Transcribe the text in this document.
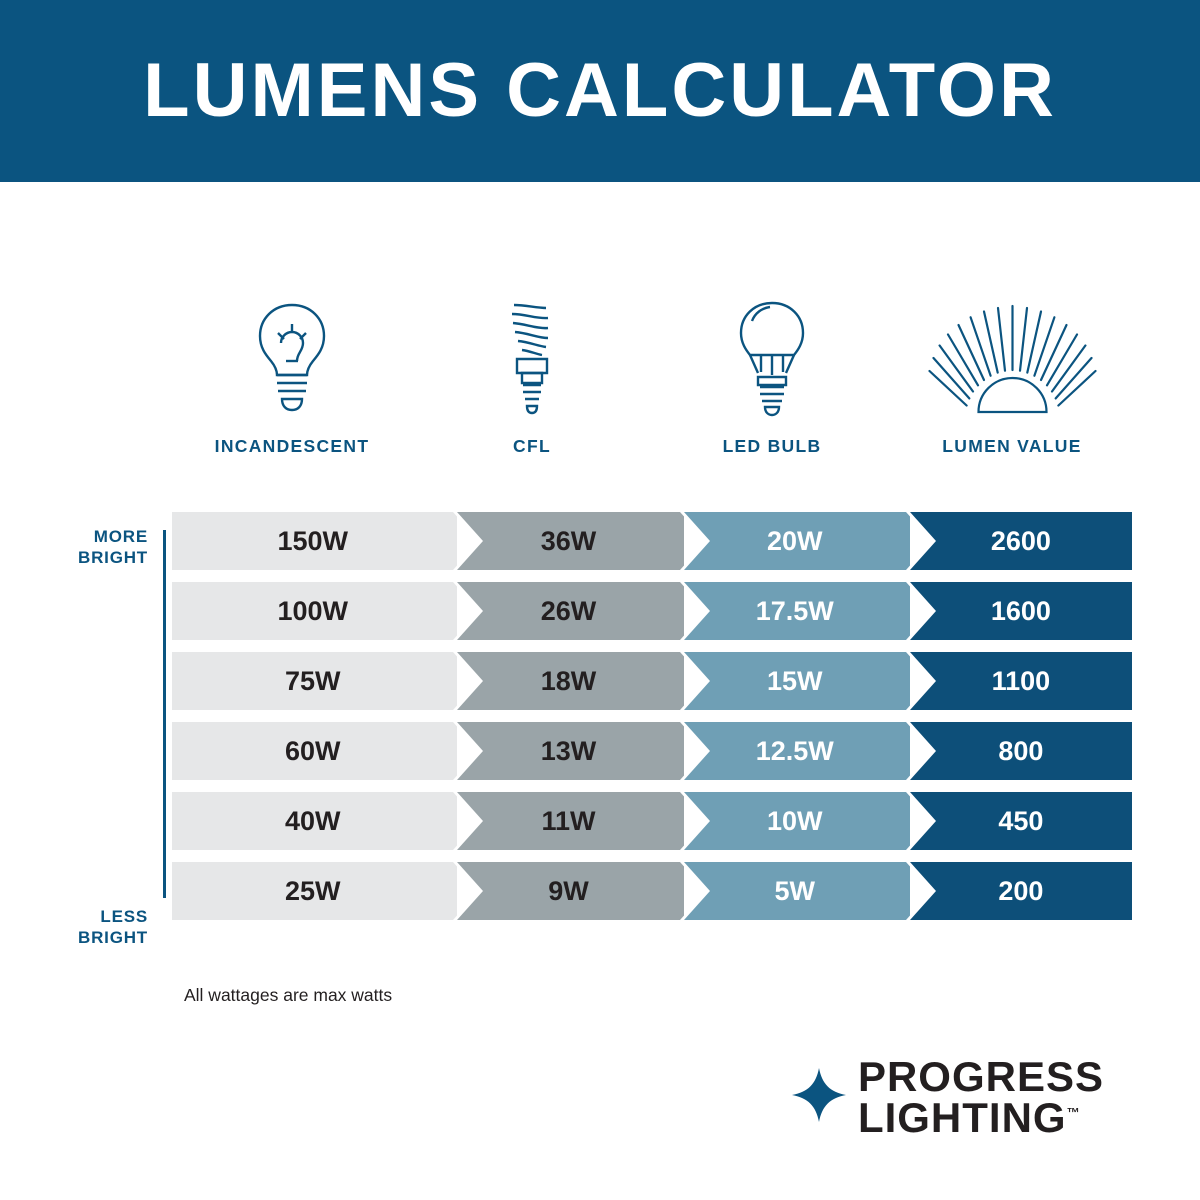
LUMENS CALCULATOR
INCANDESCENT	CFL	LED BULB	LUMEN VALUE
MORE BRIGHT
LESS BRIGHT
150W	36W	20W	2600
100W	26W	17.5W	1600
75W	18W	15W	1100
60W	13W	12.5W	800
40W	11W	10W	450
25W	9W	5W	200
All wattages are max watts
PROGRESS
LIGHTING™
